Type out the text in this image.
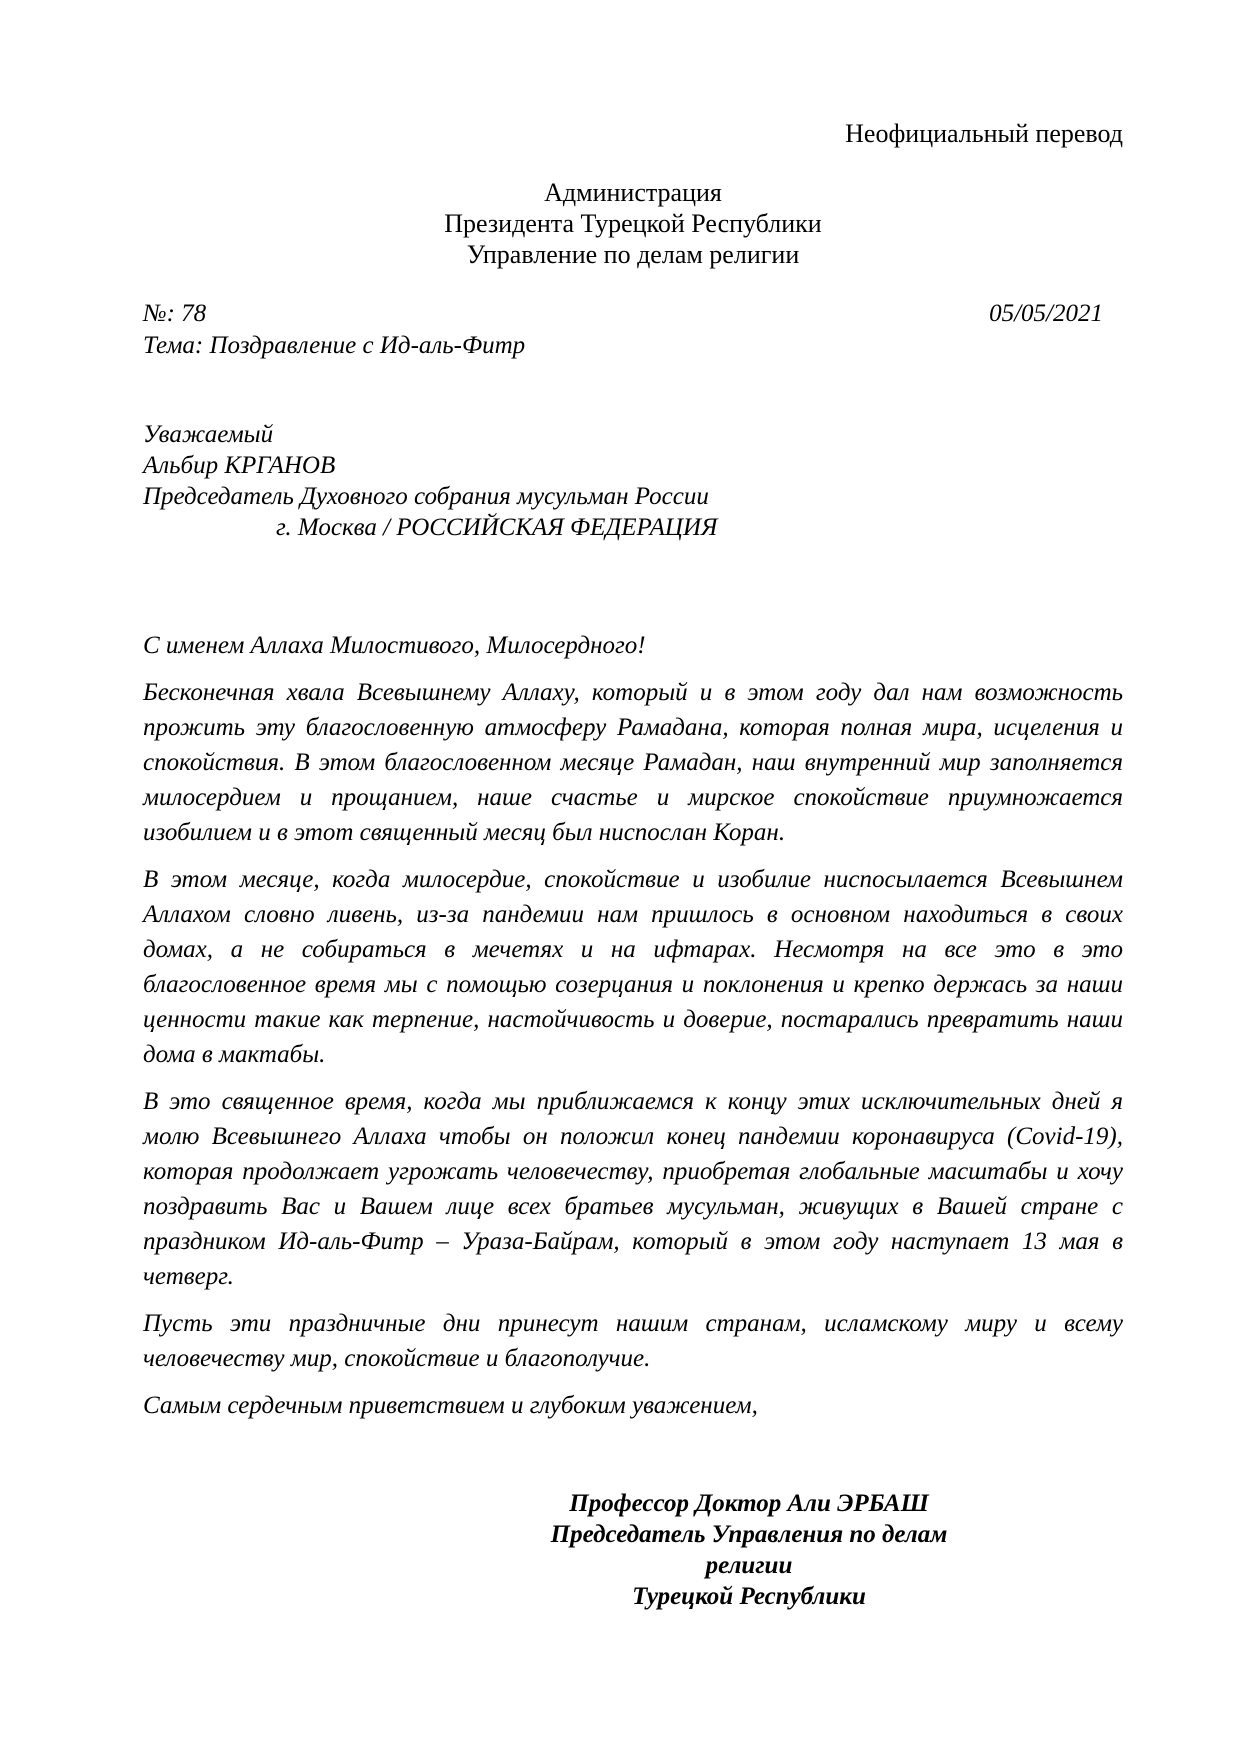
Неофициальный перевод
Администрация
Президента Турецкой Республики
Управление по делам религии
№: 78	05/05/2021
Тема: Поздравление с Ид-аль-Фитр
Уважаемый
Альбир КРГАНОВ
Председатель Духовного собрания мусульман России
г. Москва / РОССИЙСКАЯ ФЕДЕРАЦИЯ

С именем Аллаха Милостивого, Милосердного!

Бесконечная хвала Всевышнему Аллаху, который и в этом году дал нам возможность прожить эту благословенную атмосферу Рамадана, которая полная мира, исцеления и спокойствия. В этом благословенном месяце Рамадан, наш внутренний мир заполняется милосердием и прощанием, наше счастье и мирское спокойствие приумножается изобилием и в этот священный месяц был ниспослан Коран.

В этом месяце, когда милосердие, спокойствие и изобилие ниспосылается Всевышнем Аллахом словно ливень, из-за пандемии нам пришлось в основном находиться в своих домах, а не собираться в мечетях и на ифтарах. Несмотря на все это в это благословенное время мы с помощью созерцания и поклонения и крепко держась за наши ценности такие как терпение, настойчивость и доверие, постарались превратить наши дома в мактабы.

В это священное время, когда мы приближаемся к концу этих исключительных дней я молю Всевышнего Аллаха чтобы он положил конец пандемии коронавируса (Covid-19), которая продолжает угрожать человечеству, приобретая глобальные масштабы и хочу поздравить Вас и Вашем лице всех братьев мусульман, живущих в Вашей стране с праздником Ид-аль-Фитр – Ураза-Байрам, который в этом году наступает 13 мая в четверг.

Пусть эти праздничные дни принесут нашим странам, исламскому миру и всему человечеству мир, спокойствие и благополучие.

Самым сердечным приветствием и глубоким уважением,

Профессор Доктор Али ЭРБАШ
Председатель Управления по делам религии
Турецкой Республики
